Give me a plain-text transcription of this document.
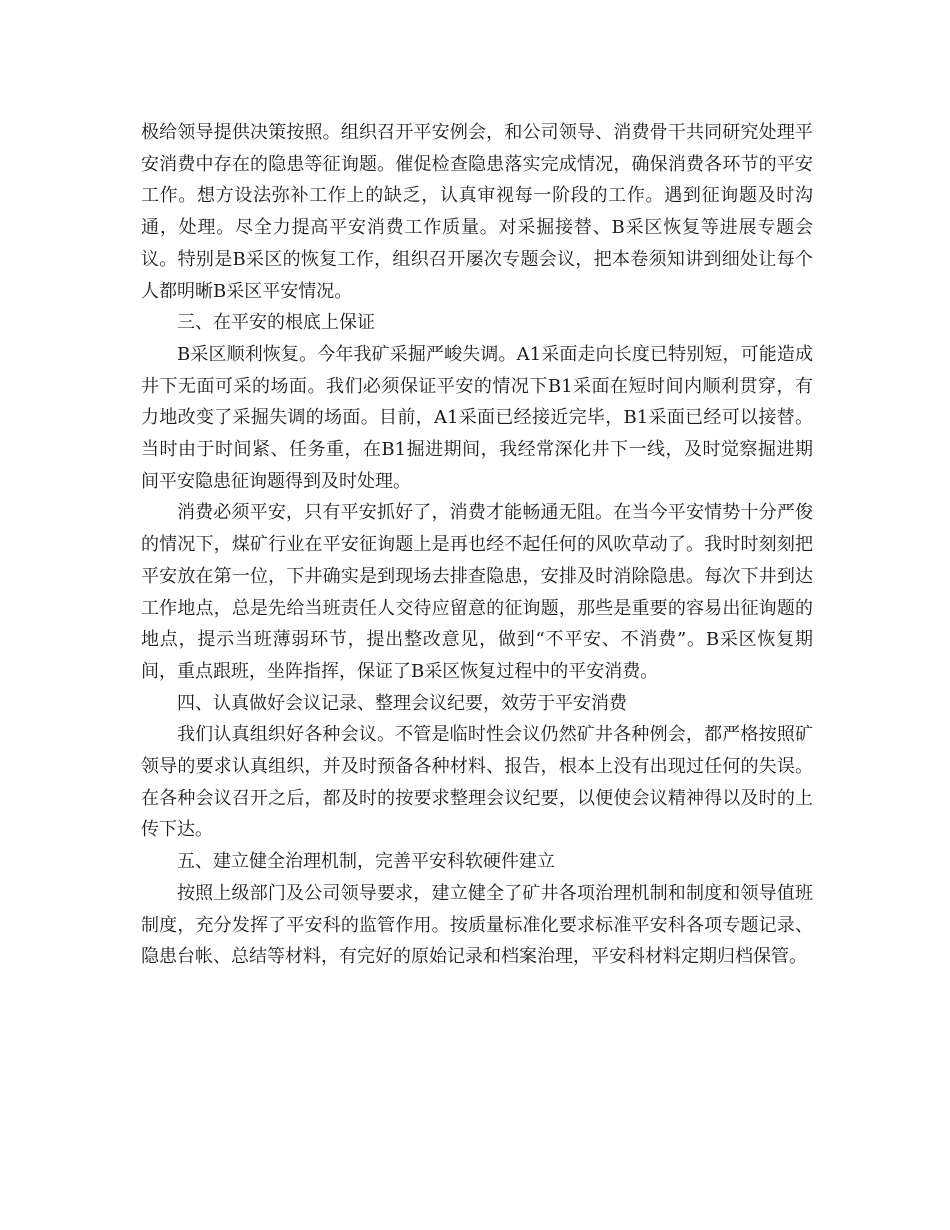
极给领导提供决策按照。组织召开平安例会，和公司领导、消费骨干共同研究处理平安消费中存在的隐患等征询题。催促检查隐患落实完成情况，确保消费各环节的平安工作。想方设法弥补工作上的缺乏，认真审视每一阶段的工作。遇到征询题及时沟通，处理。尽全力提高平安消费工作质量。对采掘接替、B采区恢复等进展专题会议。特别是B采区的恢复工作，组织召开屡次专题会议，把本卷须知讲到细处让每个人都明晰B采区平安情况。

三、在平安的根底上保证

B采区顺利恢复。今年我矿采掘严峻失调。A1采面走向长度已特别短，可能造成井下无面可采的场面。我们必须保证平安的情况下B1采面在短时间内顺利贯穿，有力地改变了采掘失调的场面。目前，A1采面已经接近完毕，B1采面已经可以接替。当时由于时间紧、任务重，在B1掘进期间，我经常深化井下一线，及时觉察掘进期间平安隐患征询题得到及时处理。

消费必须平安，只有平安抓好了，消费才能畅通无阻。在当今平安情势十分严俊的情况下，煤矿行业在平安征询题上是再也经不起任何的风吹草动了。我时时刻刻把平安放在第一位，下井确实是到现场去排查隐患，安排及时消除隐患。每次下井到达工作地点，总是先给当班责任人交待应留意的征询题，那些是重要的容易出征询题的地点，提示当班薄弱环节，提出整改意见，做到“不平安、不消费”。B采区恢复期间，重点跟班，坐阵指挥，保证了B采区恢复过程中的平安消费。

四、认真做好会议记录、整理会议纪要，效劳于平安消费

我们认真组织好各种会议。不管是临时性会议仍然矿井各种例会，都严格按照矿领导的要求认真组织，并及时预备各种材料、报告，根本上没有出现过任何的失误。在各种会议召开之后，都及时的按要求整理会议纪要，以便使会议精神得以及时的上传下达。

五、建立健全治理机制，完善平安科软硬件建立

按照上级部门及公司领导要求，建立健全了矿井各项治理机制和制度和领导值班制度，充分发挥了平安科的监管作用。按质量标准化要求标准平安科各项专题记录、隐患台帐、总结等材料，有完好的原始记录和档案治理，平安科材料定期归档保管。
